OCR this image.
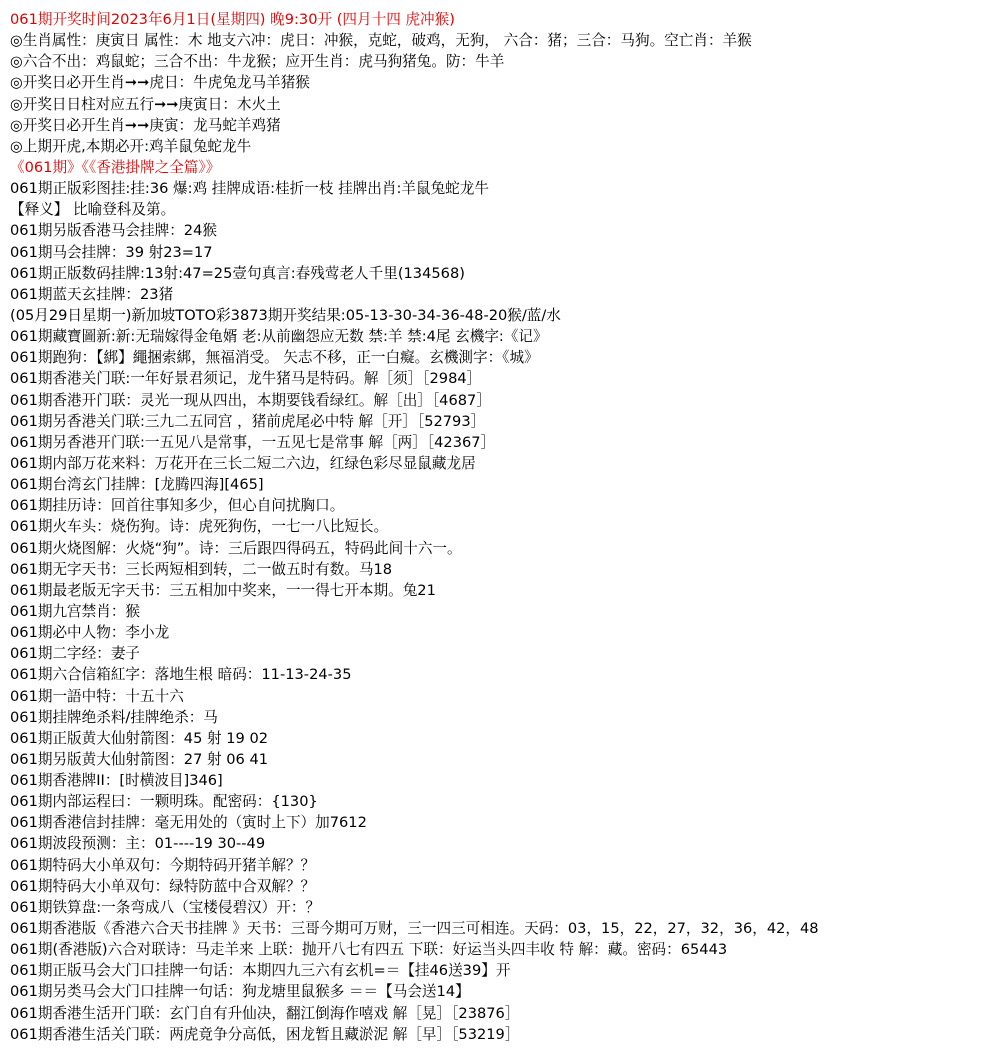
061期开奖时间2023年6月1日(星期四) 晚9:30开 (四月十四 虎冲猴)
◎生肖属性：庚寅日 属性：木 地支六冲：虎日：冲猴，克蛇，破鸡，无狗， 六合：猪；三合：马狗。空亡肖：羊猴
◎六合不出：鸡鼠蛇；三合不出：牛龙猴；应开生肖：虎马狗猪兔。防：牛羊
◎开奖日必开生肖➞➞虎日：牛虎兔龙马羊猪猴
◎开奖日日柱对应五行➞➞庚寅日：木火土
◎开奖日必开生肖➞➞庚寅：龙马蛇羊鸡猪
◎上期开虎,本期必开:鸡羊鼠兔蛇龙牛
《061期》《《香港掛牌之全篇》》
061期正版彩图挂:挂:36 爆:鸡 挂牌成语:桂折一枝 挂牌出肖:羊鼠兔蛇龙牛
【释义】 比喻登科及第。
061期另版香港马会挂牌：24猴
061期马会挂牌：39 射23=17
061期正版数码挂牌:13射:47=25壹句真言:春残莺老人千里(134568)
061期蓝天玄挂牌：23猪
(05月29日星期一)新加坡TOTO彩3873期开奖结果:05-13-30-34-36-48-20猴/蓝/水
061期藏寶圖新:新:无瑞嫁得金龟婿 老:从前幽怨应无数 禁:羊 禁:4尾 玄機字:《记》
061期跑狗：【綁】繩捆索綁，無福消受。 矢志不移，正一白癡。玄機測字：《城》
061期香港关门联:一年好景君须记，龙牛猪马是特码。解［须］［2984］
061期香港开门联：灵光一现从四出，本期要钱看绿红。解［出］［4687］
061期另香港关门联:三九二五同宫 ，猪前虎尾必中特 解［开］［52793］
061期另香港开门联:一五见八是常事，一五见七是常事 解［两］［42367］
061期内部万花来料：万花开在三长二短二六边，红绿色彩尽显鼠藏龙居
061期台湾玄门挂牌：[龙腾四海][465]
061期挂历诗：回首往事知多少，但心自问扰胸口。
061期火车头：烧伤狗。诗：虎死狗伤，一七一八比短长。
061期火烧图解：火烧“狗”。诗：三后跟四得码五，特码此间十六一。
061期无字天书：三长两短相到转，二一做五时有数。马18
061期最老版无字天书：三五相加中奖来，一一得七开本期。兔21
061期九宫禁肖：猴
061期必中人物：李小龙
061期二字经：妻子
061期六合信箱紅字：落地生根 暗码：11-13-24-35
061期一語中特：十五十六
061期挂牌绝杀料/挂牌绝杀：马
061期正版黄大仙射箭图：45 射 19 02
061期另版黄大仙射箭图：27 射 06 41
061期香港牌II：[时横波目]346]
061期内部运程曰：一颗明珠。配密码：{130}
061期香港信封挂牌：毫无用处的（寅时上下）加7612
061期波段预测：主：01----19 30--49
061期特码大小单双句：今期特码开猪羊解？？
061期特码大小单双句：绿特防蓝中合双解？？
061期铁算盘:一条弯成八（宝楼侵碧汉）开：？
061期香港版《香港六合天书挂牌 》天书：三哥今期可万财，三一四三可相连。天码：03，15，22，27，32，36，42，48
061期(香港版)六合对联诗：马走羊来 上联：抛开八七有四五 下联：好运当头四丰收 特 解：藏。密码：65443
061期正版马会大门口挂牌一句话：本期四九三六有玄机=＝【挂46送39】开
061期另类马会大门口挂牌一句话：狗龙塘里鼠猴多 ＝＝【马会送14】
061期香港生活开门联：玄门自有升仙决，翻江倒海作嘻戏 解［晃］［23876］
061期香港生活关门联：两虎竟争分高低，困龙暂且藏淤泥 解［早］［53219］
